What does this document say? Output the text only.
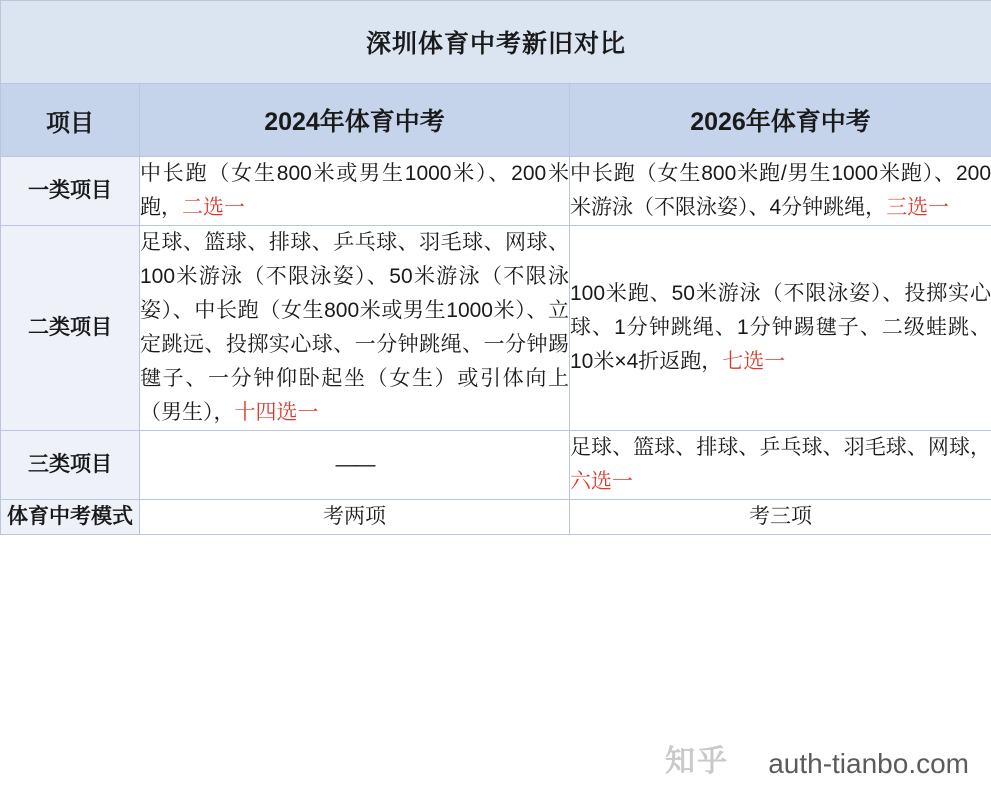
深圳体育中考新旧对比		
项目	2024年体育中考	2026年体育中考
一类项目	中长跑（女生800米或男生1000米）、200米跑，二选一	中长跑（女生800米跑/男生1000米跑）、200米游泳（不限泳姿）、4分钟跳绳，三选一
二类项目	足球、篮球、排球、乒乓球、羽毛球、网球、100米游泳（不限泳姿）、50米游泳（不限泳姿）、中长跑（女生800米或男生1000米）、立定跳远、投掷实心球、一分钟跳绳、一分钟踢毽子、一分钟仰卧起坐（女生）或引体向上（男生），十四选一	100米跑、50米游泳（不限泳姿）、投掷实心球、1分钟跳绳、1分钟踢毽子、二级蛙跳、10米×4折返跑，七选一
三类项目	——	足球、篮球、排球、乒乓球、羽毛球、网球，六选一
体育中考模式	考两项	考三项
知乎 auth-tianbo.com
